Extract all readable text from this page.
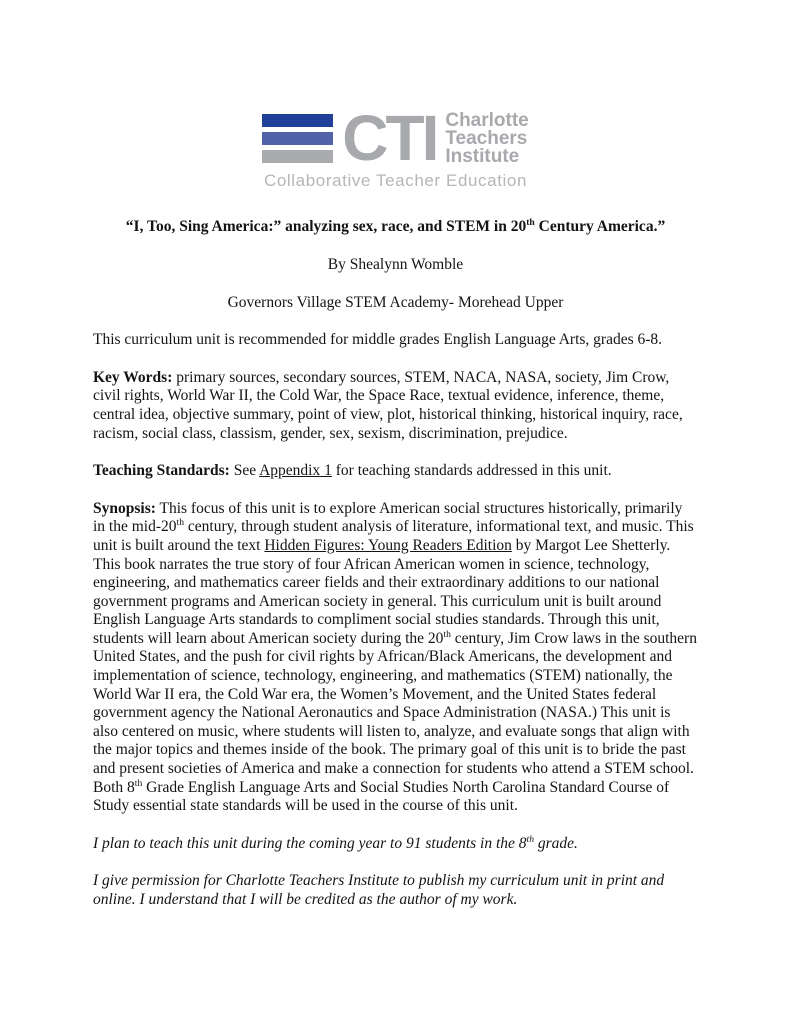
CTI Charlotte
Teachers
Institute
Collaborative Teacher Education

“I, Too, Sing America:” analyzing sex, race, and STEM in 20th Century America.”

By Shealynn Womble

Governors Village STEM Academy- Morehead Upper

This curriculum unit is recommended for middle grades English Language Arts, grades 6-8.

Key Words: primary sources, secondary sources, STEM, NACA, NASA, society, Jim Crow, civil rights, World War II, the Cold War, the Space Race, textual evidence, inference, theme, central idea, objective summary, point of view, plot, historical thinking, historical inquiry, race, racism, social class, classism, gender, sex, sexism, discrimination, prejudice.

Teaching Standards: See Appendix 1 for teaching standards addressed in this unit.

Synopsis: This focus of this unit is to explore American social structures historically, primarily in the mid-20th century, through student analysis of literature, informational text, and music. This unit is built around the text Hidden Figures: Young Readers Edition by Margot Lee Shetterly. This book narrates the true story of four African American women in science, technology, engineering, and mathematics career fields and their extraordinary additions to our national government programs and American society in general. This curriculum unit is built around English Language Arts standards to compliment social studies standards. Through this unit, students will learn about American society during the 20th century, Jim Crow laws in the southern United States, and the push for civil rights by African/Black Americans, the development and implementation of science, technology, engineering, and mathematics (STEM) nationally, the World War II era, the Cold War era, the Women’s Movement, and the United States federal government agency the National Aeronautics and Space Administration (NASA.) This unit is also centered on music, where students will listen to, analyze, and evaluate songs that align with the major topics and themes inside of the book. The primary goal of this unit is to bride the past and present societies of America and make a connection for students who attend a STEM school. Both 8th Grade English Language Arts and Social Studies North Carolina Standard Course of Study essential state standards will be used in the course of this unit.

I plan to teach this unit during the coming year to 91 students in the 8th grade.

I give permission for Charlotte Teachers Institute to publish my curriculum unit in print and online. I understand that I will be credited as the author of my work.
